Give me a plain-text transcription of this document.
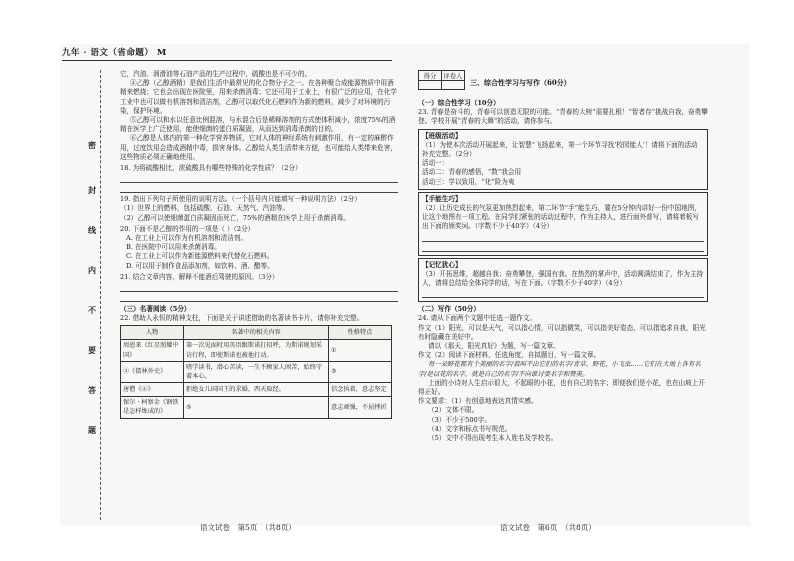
九年 · 语文（省命题） M
密
封
线
内
不
要
答
题

它，汽油、润滑油等石油产品的生产过程中，硫酸也是不可少的。

④乙醇（乙醇酒精）是我们生活中最常见的化合物分子之一。在各种聚合成能源物质中用酒精来燃烧；它也会出现在医院里，用来杀菌消毒；它还可用于工业上，有很广泛的应用，在化学工业中也可以做有机溶剂和清洁剂，乙醇可以取代化石燃料作为新的燃料，减少了对环境的污染，保护环境。

⑤乙醇可以和水以任意比例混溶，与水混合后是稀释溶剂的方式使体积减小，浓度75%的酒精在医学上广泛使用，能使细菌的蛋白质凝固，从而达到消毒杀菌的目的。

⑥乙醇是人体内的第一种化学营养物质，它对人体的神经系统有刺激作用，有一定的麻醉作用，过度饮用会造成酒精中毒，损害身体。乙醇给人类生活带来方便，也可能给人类带来危害，这些物质必须正确地使用。

18. 为将硫酸相比，浓硫酸具有哪些特殊的化学性质？（2分）

19. 指出下列句子所使用的说明方法。（一个括号内只能填写一种说明方法）（2分）

（1）世界上的燃料，包括硫酸、石油、天然气、汽油等。

（2）乙醇可以使细菌蛋白质凝固而死亡，75%的酒精在医学上用于杀菌消毒。

20. 下面不是乙醇的作用的一项是（ ）（2分）

A. 在工业上可以作为有机溶剂和清洁剂。

B. 在医院中可以用来杀菌消毒。

C. 在工业上可以作为新能源燃料来代替化石燃料。

D. 可以用于制作食品添加剂，如饮料、酒、醋等。

21. 结合文章内容，解释不能酒后驾驶的原因。（3分）

（三）名著阅读（5分）

22. 借助人永恒的精神支柱，下面是关于讲述借助的名著读书卡片，请你补充完整。

人物	名著中的相关内容	性格特点
周恩来《红星照耀中国》	第一次见面时用英语跟斯诺打招呼，为斯诺规划采访行程，即使斯诺也被他打动。	①
②《儒林外史》	嗜学读书，潜心苦读，一生不顾家人困苦，始终守着本心。	③
唐僧《④》	拒绝女儿国国王的求婚，西天取经。	信念执着，意志坚定
保尔 · 柯察金《钢铁是怎样炼成的》	⑤	意志顽强，不屈挫折
语文试卷　第5页　（共8页）
得分	评卷人

三、综合性学习与写作（60分）

（一）综合性学习（10分）

23. 青春是奋斗的，青春可以创造无限的可能。“青春的大树”需要扎根！“智者存”挑战自我，奋勇攀登。学校开展“青春的大舞”的活动，请你参与。

【班级活动】

（1）为使本次活动开展起来，让智慧“飞扬起来，第一个环节寻找‘校园能人’！请将下面的活动补充完整。（2分）

活动一：

活动二：青春的感悟，“数”我会用

活动三：学以致用，“化”险为夷

【手能生巧】

（2）让历史成长的气氛更加热烈起来，第二环节“手”能生巧，要在5分钟内讲好一份中国地图，让这个地图有一项工程。在同学们紧张的话动过程中，作为主持人，进行面外普写，请将着板写出下面的颁奖词。（字数不少于40字）（4分）

【记忆犹心】

（3）开拓思维，超越自我；奋勇攀登，强国有我。在热烈的掌声中，活动圆满结束了，作为主持人，请将总结给全体同学的话，写在下面。（字数不少于40字）（4分）

（二）写作（50分）

24. 请从下面两个文题中任选一题作文。

作文（1）阳光，可以是天气，可以指心情，可以指微笑，可以指美好姿态，可以指追求自我，阳光有时隐藏在美好中。

请以《那天，阳光真好》为题，写一篇文章。

作文（2）阅读下面材料，任选角度，自拟题目，写一篇文章。

每一朵野花都有个美丽的名字/我叫不出它们的名字/青草、野花、小飞虫……它们在大地上各有名字/是以花的名字，就是自己的名字/不向谁讨要名字和赞美。

上面的小诗对人生启示很大，不起眼的小花，也有自己的名字；即便我们是小花，也在山坡上开得正好。

作文要求：（1）有创意地表达真情实感。

（2）文体不限。

（3）不少于500字。

（4）文字和标点书写规范。

（5）文中不得出现考生本人姓名及学校名。

语文试卷　第6页　（共8页）
